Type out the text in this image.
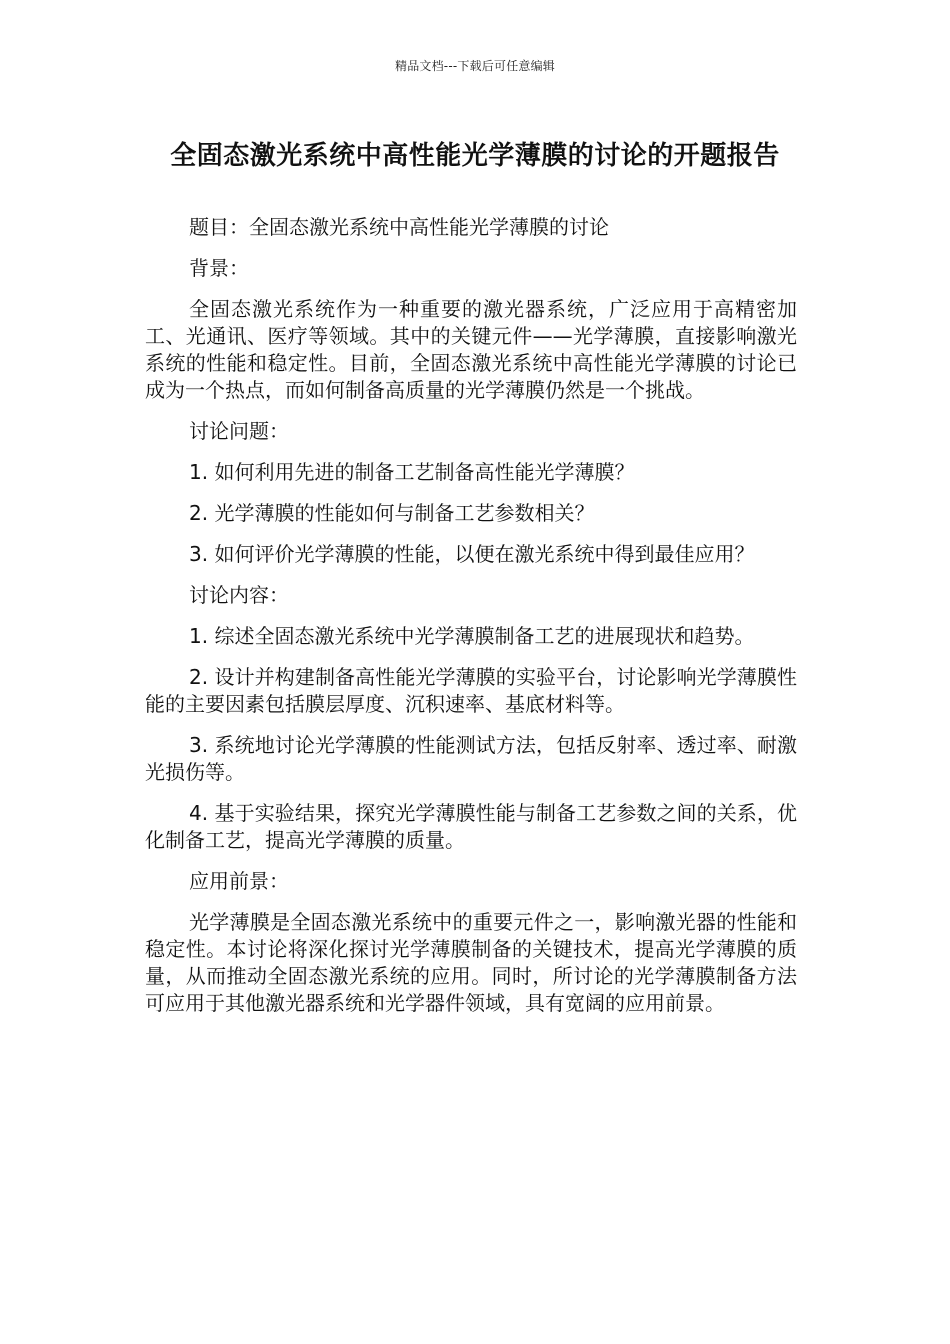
精品文档---下载后可任意编辑
全固态激光系统中高性能光学薄膜的讨论的开题报告

题目：全固态激光系统中高性能光学薄膜的讨论

背景：

全固态激光系统作为一种重要的激光器系统，广泛应用于高精密加工、光通讯、医疗等领域。其中的关键元件——光学薄膜，直接影响激光系统的性能和稳定性。目前，全固态激光系统中高性能光学薄膜的讨论已成为一个热点，而如何制备高质量的光学薄膜仍然是一个挑战。

讨论问题：

1. 如何利用先进的制备工艺制备高性能光学薄膜？

2. 光学薄膜的性能如何与制备工艺参数相关？

3. 如何评价光学薄膜的性能，以便在激光系统中得到最佳应用？

讨论内容：

1. 综述全固态激光系统中光学薄膜制备工艺的进展现状和趋势。

2. 设计并构建制备高性能光学薄膜的实验平台，讨论影响光学薄膜性能的主要因素包括膜层厚度、沉积速率、基底材料等。

3. 系统地讨论光学薄膜的性能测试方法，包括反射率、透过率、耐激光损伤等。

4. 基于实验结果，探究光学薄膜性能与制备工艺参数之间的关系，优化制备工艺，提高光学薄膜的质量。

应用前景：

光学薄膜是全固态激光系统中的重要元件之一，影响激光器的性能和稳定性。本讨论将深化探讨光学薄膜制备的关键技术，提高光学薄膜的质量，从而推动全固态激光系统的应用。同时，所讨论的光学薄膜制备方法可应用于其他激光器系统和光学器件领域，具有宽阔的应用前景。
